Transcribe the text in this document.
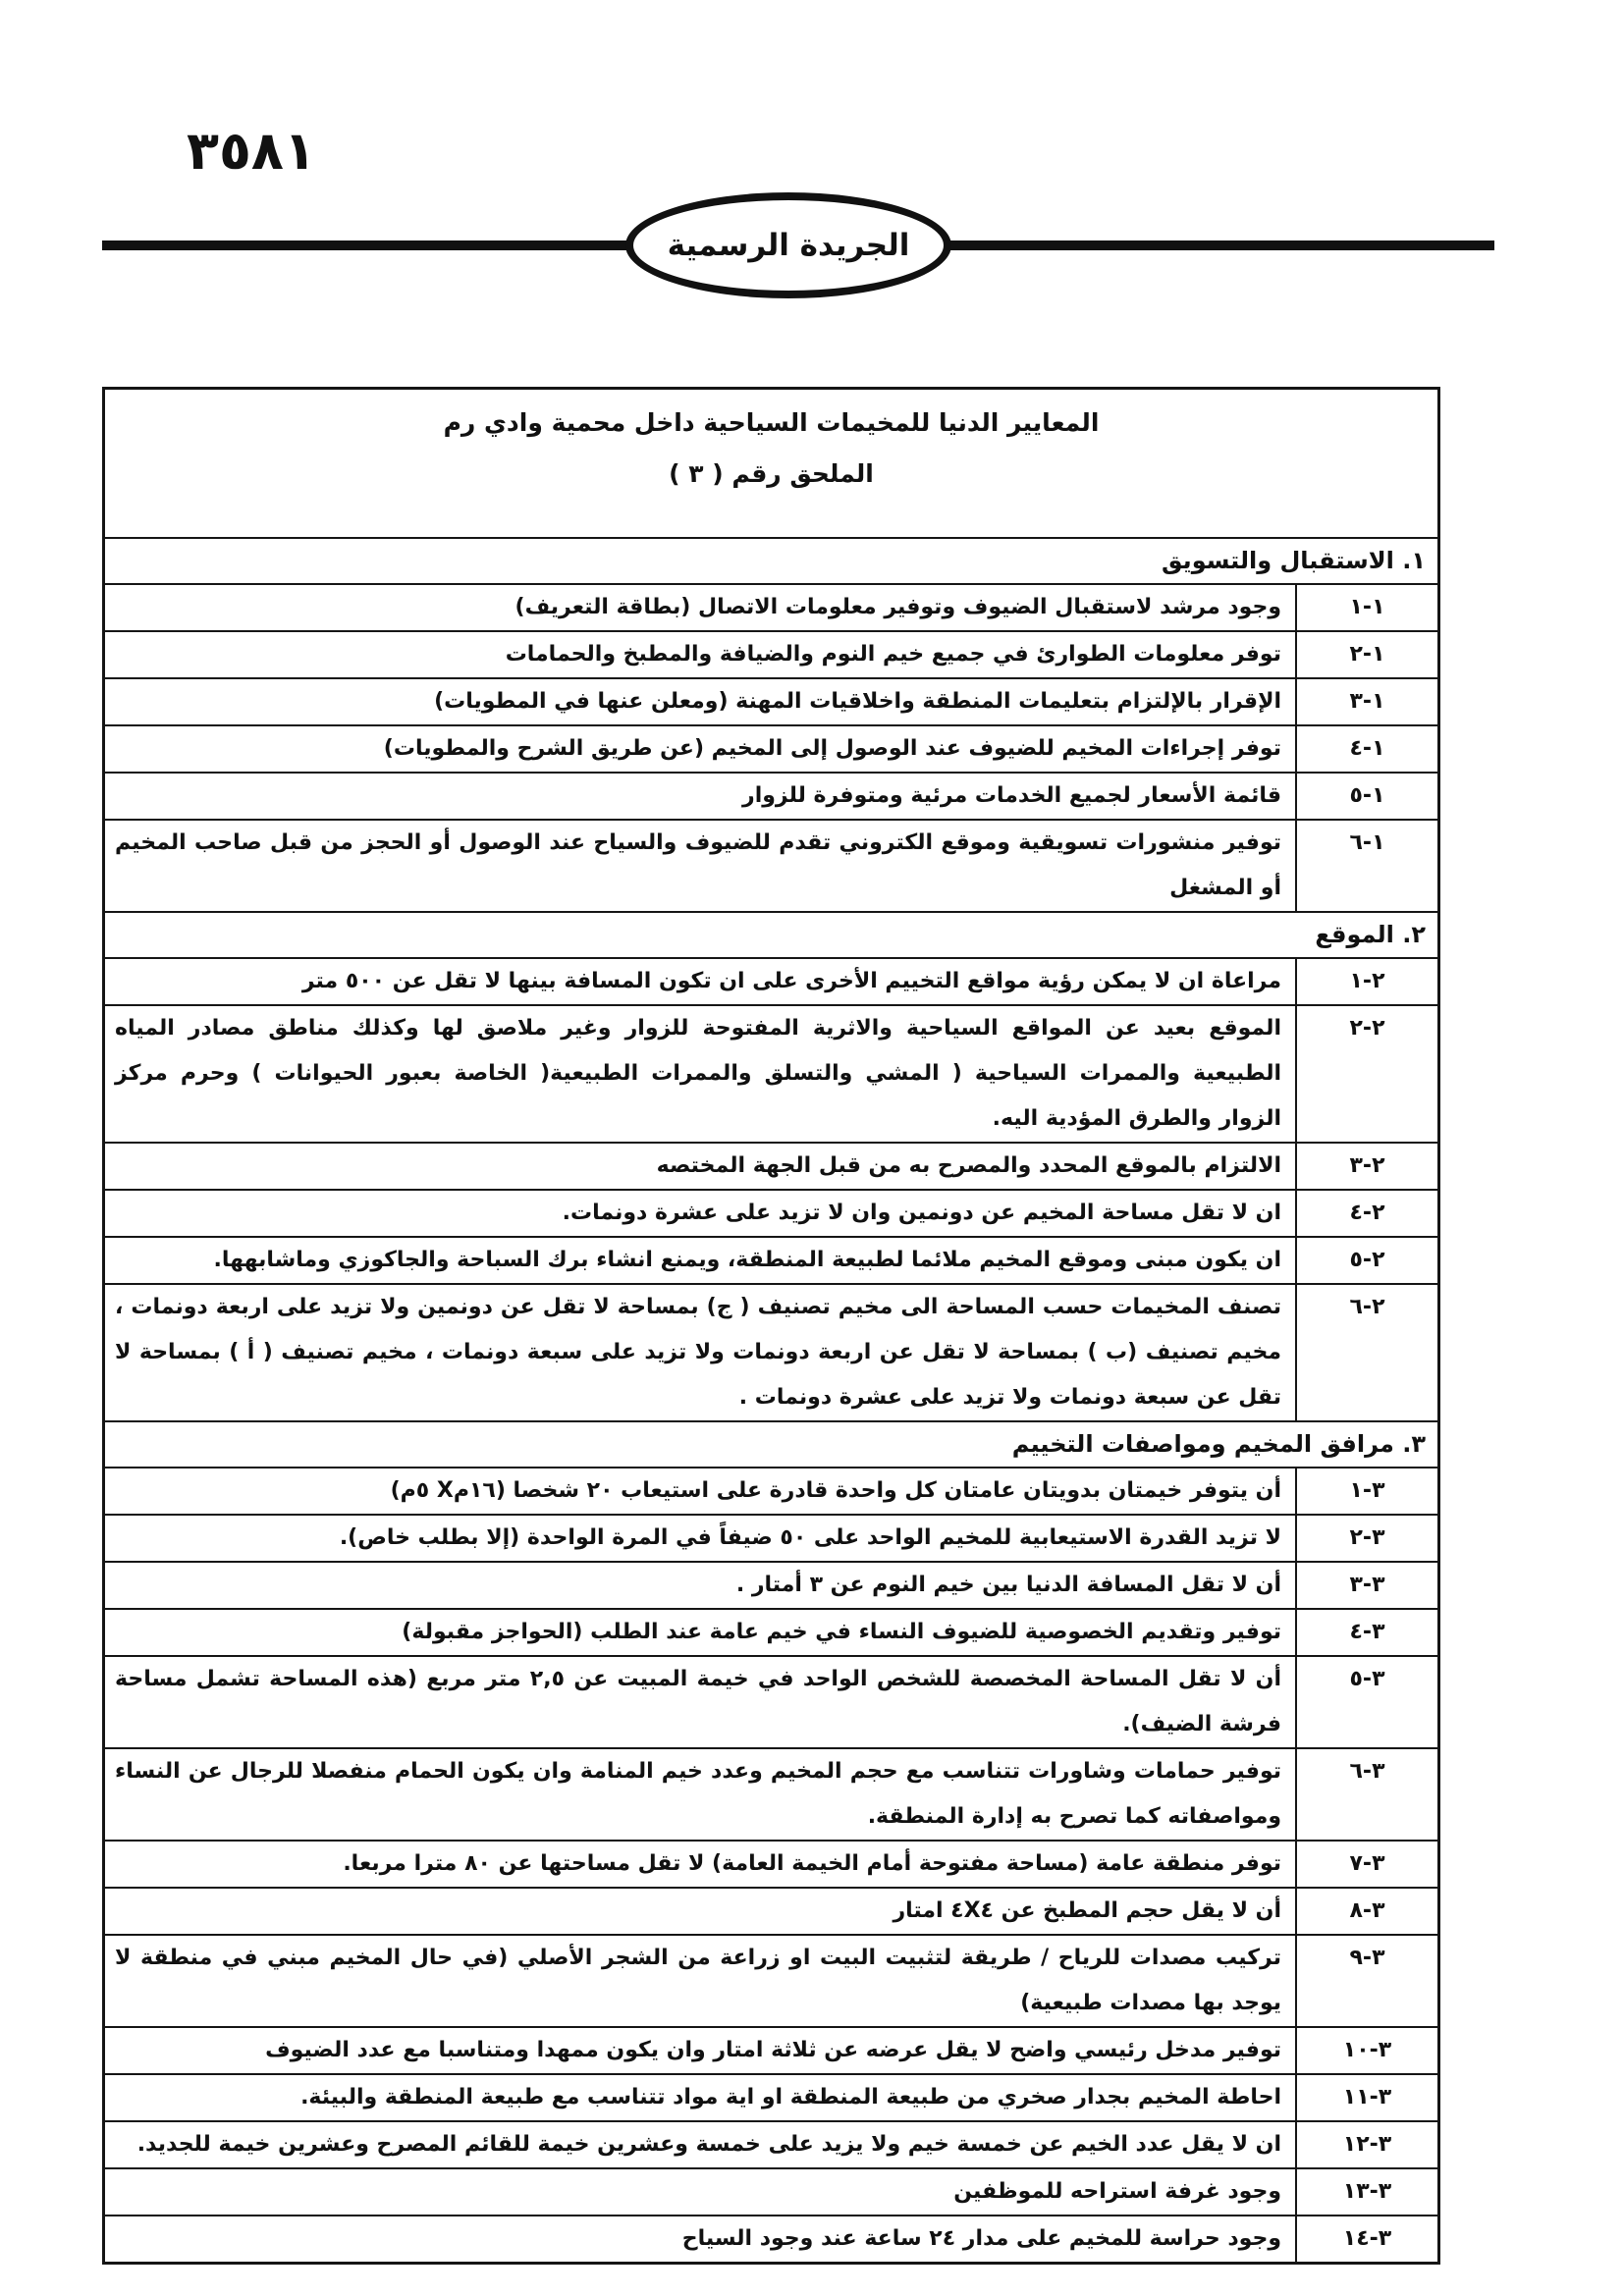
٣٥٨١
الجريدة الرسمية
المعايير الدنيا للمخيمات السياحية داخل محمية وادي رم
الملحق رقم ( ٣ )
١. الاستقبال والتسويق
١-١
وجود مرشد لاستقبال الضيوف وتوفير معلومات الاتصال (بطاقة التعريف)
١-٢
توفر معلومات الطوارئ في جميع خيم النوم والضيافة والمطبخ والحمامات
١-٣
الإقرار بالإلتزام بتعليمات المنطقة واخلاقيات المهنة (ومعلن عنها في المطويات)
١-٤
توفر إجراءات المخيم للضيوف عند الوصول إلى المخيم (عن طريق الشرح والمطويات)
١-٥
قائمة الأسعار لجميع الخدمات مرئية ومتوفرة للزوار
١-٦
توفير منشورات تسويقية وموقع الكتروني تقدم للضيوف والسياح عند الوصول أو الحجز من قبل صاحب المخيم أو المشغل
٢. الموقع
٢-١
مراعاة ان لا يمكن رؤية مواقع التخييم الأخرى على ان تكون المسافة بينها لا تقل عن ٥٠٠ متر
٢-٢
الموقع بعيد عن المواقع السياحية والاثرية المفتوحة للزوار وغير ملاصق لها وكذلك مناطق مصادر المياه الطبيعية والممرات السياحية ( المشي والتسلق والممرات الطبيعية( الخاصة بعبور الحيوانات ) وحرم مركز الزوار والطرق المؤدية اليه.
٢-٣
الالتزام بالموقع المحدد والمصرح به من قبل الجهة المختصه
٢-٤
ان لا تقل مساحة المخيم عن دونمين وان لا تزيد على عشرة دونمات.
٢-٥
ان يكون مبنى وموقع المخيم ملائما لطبيعة المنطقة، ويمنع انشاء برك السباحة والجاكوزي وماشابهها.
٢-٦
تصنف المخيمات حسب المساحة الى مخيم تصنيف ( ج) بمساحة لا تقل عن دونمين ولا تزيد على اربعة دونمات ، مخيم تصنيف (ب ) بمساحة لا تقل عن اربعة دونمات ولا تزيد على سبعة دونمات ، مخيم تصنيف ( أ ) بمساحة لا تقل عن سبعة دونمات ولا تزيد على عشرة دونمات .
٣. مرافق المخيم ومواصفات التخييم
٣-١
أن يتوفر خيمتان بدويتان عامتان كل واحدة قادرة على استيعاب ٢٠ شخصا (١٦مX ٥م)
٣-٢
لا تزيد القدرة الاستيعابية للمخيم الواحد على ٥٠ ضيفاً في المرة الواحدة (إلا بطلب خاص).
٣-٣
أن لا تقل المسافة الدنيا بين خيم النوم عن ٣ أمتار .
٣-٤
توفير وتقديم الخصوصية للضيوف النساء في خيم عامة عند الطلب (الحواجز مقبولة)
٣-٥
أن لا تقل المساحة المخصصة للشخص الواحد في خيمة المبيت عن ٢,٥ متر مربع (هذه المساحة تشمل مساحة فرشة الضيف).
٣-٦
توفير حمامات وشاورات تتناسب مع حجم المخيم وعدد خيم المنامة وان يكون الحمام منفصلا للرجال عن النساء ومواصفاته كما تصرح به إدارة المنطقة.
٣-٧
توفر منطقة عامة (مساحة مفتوحة أمام الخيمة العامة) لا تقل مساحتها عن ٨٠ مترا مربعا.
٣-٨
أن لا يقل حجم المطبخ عن ٤X٤ امتار
٣-٩
تركيب مصدات للرياح / طريقة لتثبيت البيت او زراعة من الشجر الأصلي (في حال المخيم مبني في منطقة لا يوجد بها مصدات طبيعية)
٣-١٠
توفير مدخل رئيسي واضح لا يقل عرضه عن ثلاثة امتار وان يكون ممهدا ومتناسبا مع عدد الضيوف
٣-١١
احاطة المخيم بجدار صخري من طبيعة المنطقة او اية مواد تتناسب مع طبيعة المنطقة والبيئة.
٣-١٢
ان لا يقل عدد الخيم عن خمسة خيم ولا يزيد على خمسة وعشرين خيمة للقائم المصرح وعشرين خيمة للجديد.
٣-١٣
وجود غرفة استراحه للموظفين
٣-١٤
وجود حراسة للمخيم على مدار ٢٤ ساعة عند وجود السياح
